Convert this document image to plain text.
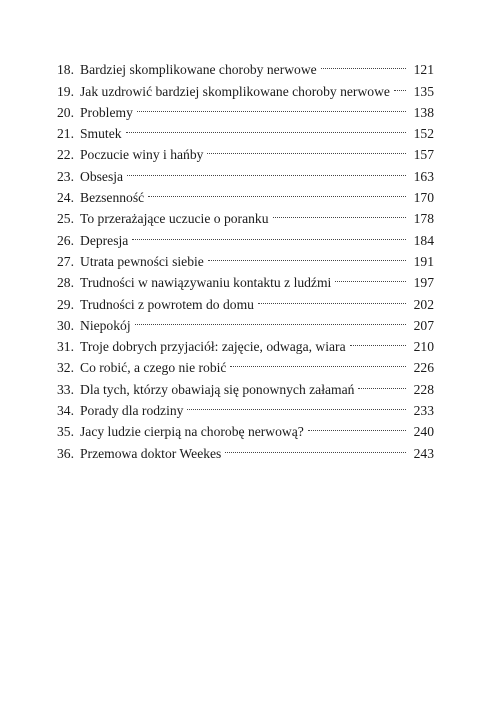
18. Bardziej skomplikowane choroby nerwowe	121
19. Jak uzdrowić bardziej skomplikowane choroby nerwowe 135
20. Problemy	138
21. Smutek	152
22. Poczucie winy i hańby	157
23. Obsesja	163
24. Bezsenność	170
25. To przerażające uczucie o poranku	178
26. Depresja	184
27. Utrata pewności siebie	191
28. Trudności w nawiązywaniu kontaktu z ludźmi	197
29. Trudności z powrotem do domu	202
30. Niepokój	207
31. Troje dobrych przyjaciół: zajęcie, odwaga, wiara	210
32. Co robić, a czego nie robić	226
33. Dla tych, którzy obawiają się ponownych załamań	228
34. Porady dla rodziny	233
35. Jacy ludzie cierpią na chorobę nerwową?	240
36. Przemowa doktor Weekes	243
